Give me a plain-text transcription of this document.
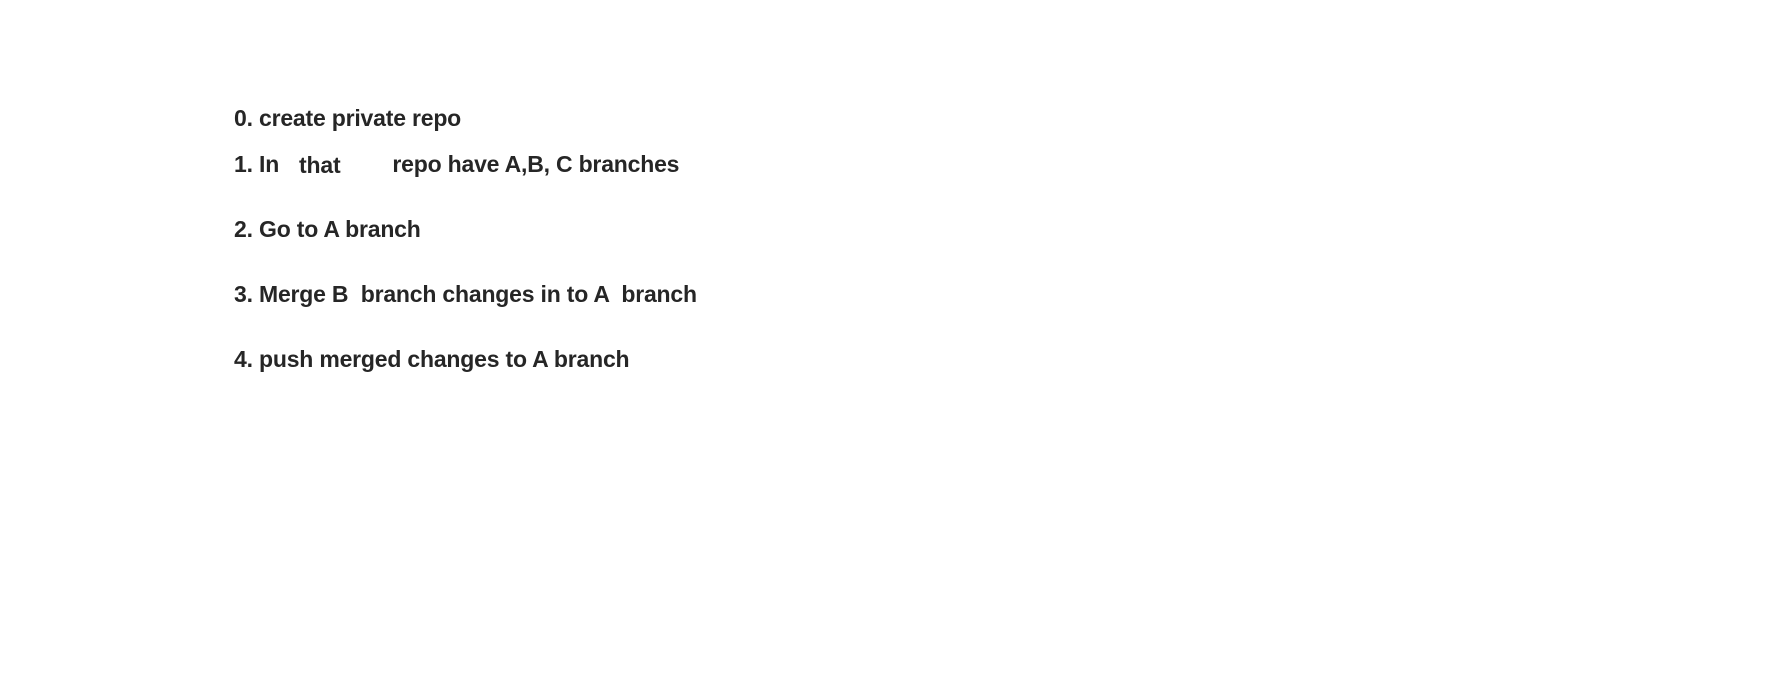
0. create private repo

1. In that repo have A,B, C branches

2. Go to A branch

3. Merge B branch changes in to A branch

4. push merged changes to A branch
